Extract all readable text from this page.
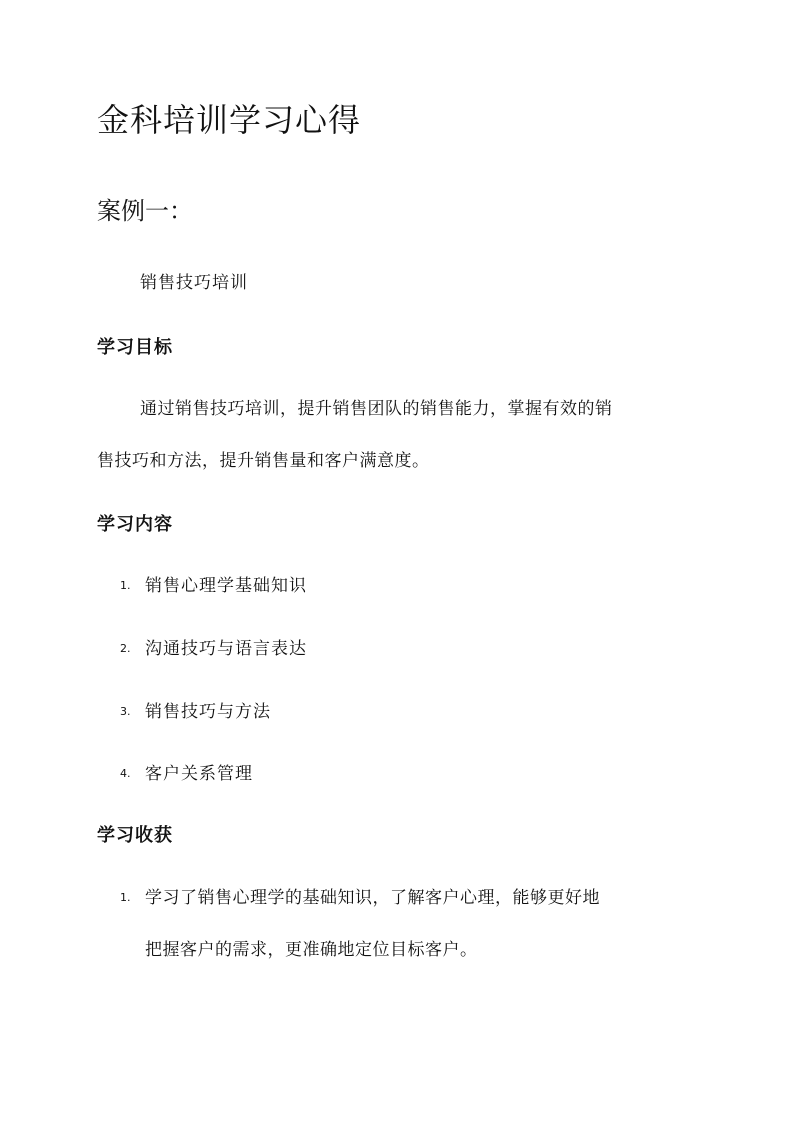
金科培训学习心得
案例一：

销售技巧培训

学习目标
通过销售技巧培训，提升销售团队的销售能力，掌握有效的销
售技巧和方法，提升销售量和客户满意度。
学习内容
1. 销售心理学基础知识
2. 沟通技巧与语言表达
3. 销售技巧与方法
4. 客户关系管理
学习收获
1. 学习了销售心理学的基础知识，了解客户心理，能够更好地
把握客户的需求，更准确地定位目标客户。
